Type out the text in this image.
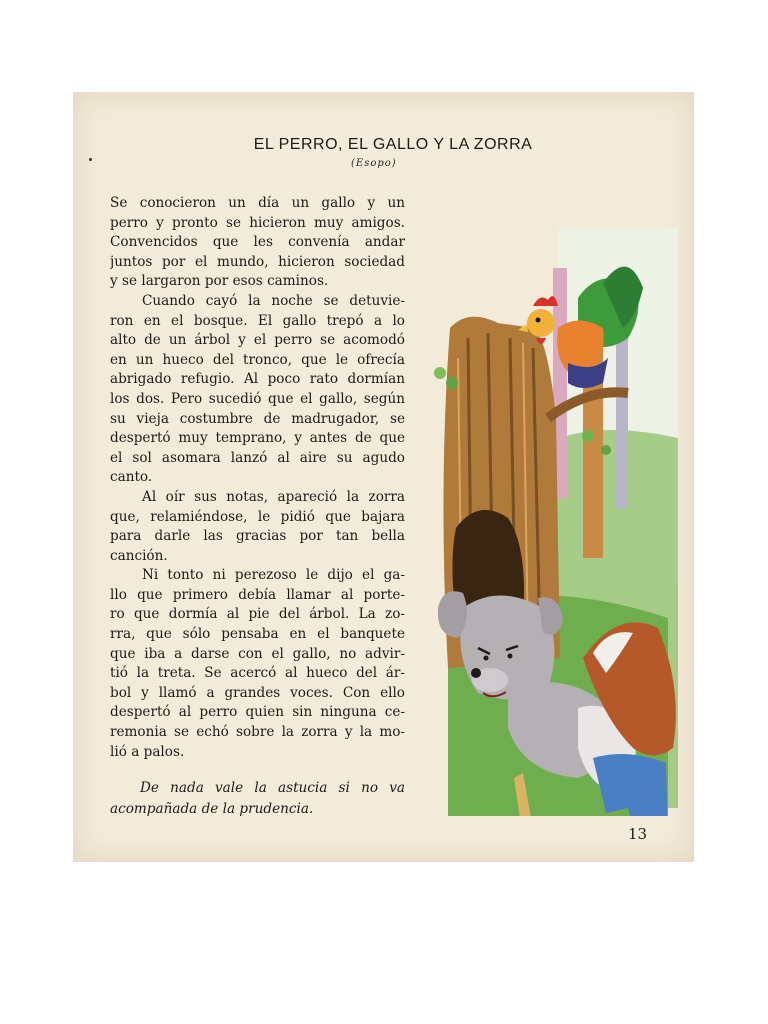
EL PERRO, EL GALLO Y LA ZORRA
(Esopo)
Se conocieron un día un gallo y un
perro y pronto se hicieron muy amigos.
Convencidos que les convenía andar
juntos por el mundo, hicieron sociedad
y se largaron por esos caminos.
Cuando cayó la noche se detuvie-
ron en el bosque. El gallo trepó a lo
alto de un árbol y el perro se acomodó
en un hueco del tronco, que le ofrecía
abrigado refugio. Al poco rato dormían
los dos. Pero sucedió que el gallo, según
su vieja costumbre de madrugador, se
despertó muy temprano, y antes de que
el sol asomara lanzó al aire su agudo
canto.
Al oír sus notas, apareció la zorra
que, relamiéndose, le pidió que bajara
para darle las gracias por tan bella
canción.
Ni tonto ni perezoso le dijo el ga-
llo que primero debía llamar al porte-
ro que dormía al pie del árbol. La zo-
rra, que sólo pensaba en el banquete
que iba a darse con el gallo, no advir-
tió la treta. Se acercó al hueco del ár-
bol y llamó a grandes voces. Con ello
despertó al perro quien sin ninguna ce-
remonia se echó sobre la zorra y la mo-
lió a palos.
De nada vale la astucia si no va
acompañada de la prudencia.
13
